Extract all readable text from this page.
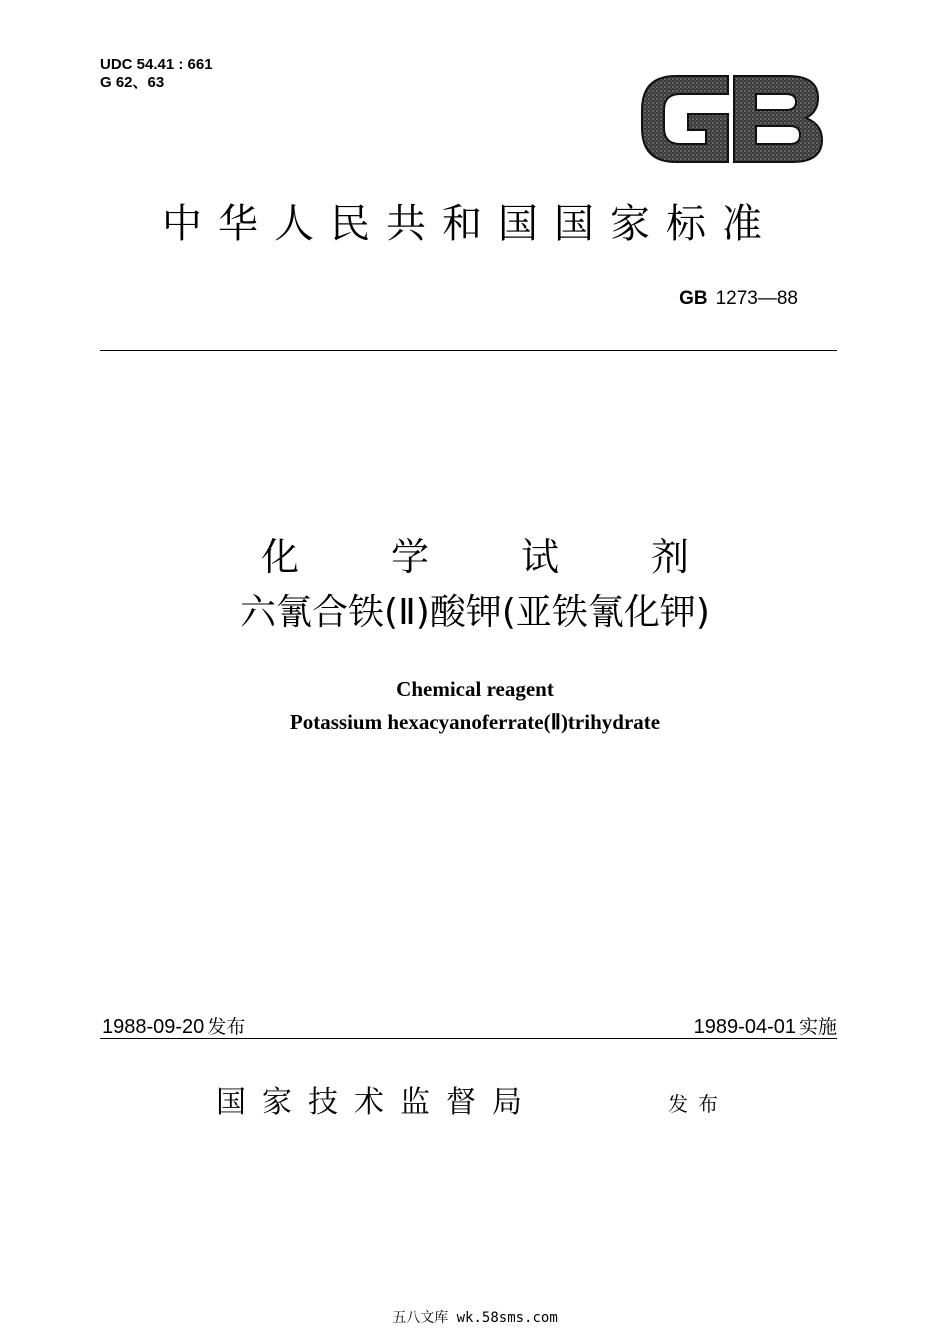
UDC 54.41 : 661
G 62、63
中华人民共和国国家标准
GB 1273—88
化学试剂
六氰合铁(Ⅱ)酸钾(亚铁氰化钾)
Chemical reagent
Potassium hexacyanoferrate(Ⅱ)trihydrate
1988-09-20 发布	1989-04-01 实施
国家技术监督局	发布
五八文库 wk.58sms.com
